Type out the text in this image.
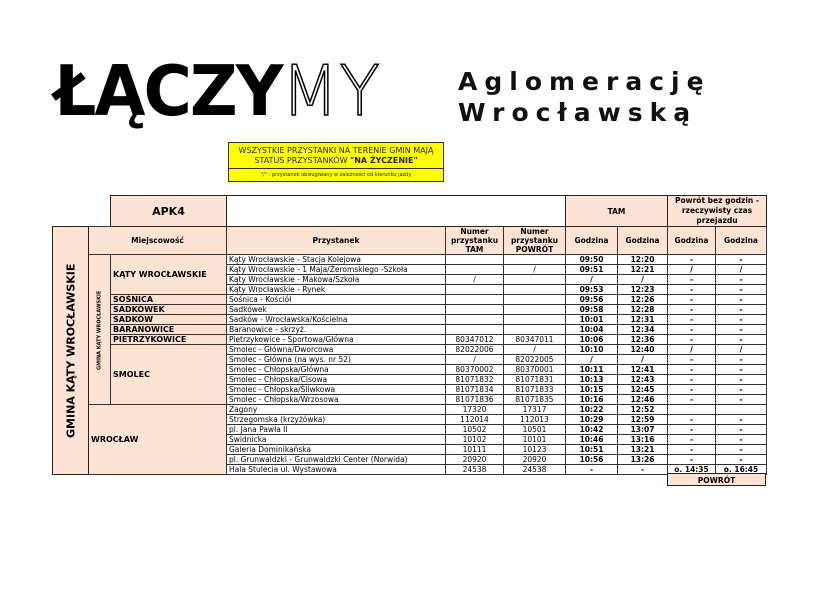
ŁĄCZYMY	Aglomerację
Wrocławską
WSZYSTKIE PRZYSTANKI NA TERENIE GMIN MAJĄ
STATUS PRZYSTANKÓW "NA ŻYCZENIE"
"/" - przystanek obsługiwany w zależności od kierunku jazdy
		APK4				TAM		Powrót bez godzin - rzeczywisty czas przejazdu	
GMINA KĄTY WROCŁAWSKIE	Miejscowość		Przystanek	Numer przystanku TAM	Numer przystanku POWRÓT	Godzina	Godzina	Godzina	Godzina
	GMINA KĄTY WROCŁAWSKIE	KĄTY WROCŁAWSKIE	Kąty Wrocławskie - Stacja Kolejowa			09:50	12:20	-	-
			Kąty Wrocławskie - 1 Maja/Żeromskiego -Szkoła		/	09:51	12:21	/	/
			Kąty Wrocławskie - Makowa/Szkoła	/		/	/	-	-
			Kąty Wrocławskie - Rynek			09:53	12:23	-	-
		SOŚNICA	Sośnica - Kościół			09:56	12:26	-	-
		SADKÓWEK	Sadkówek			09:58	12:28	-	-
		SADKÓW	Sadków - Wrocławska/Kościelna			10:01	12:31	-	-
		BARANOWICE	Baranowice - skrzyż.			10:04	12:34	-	-
		PIETRZYKOWICE	Pietrzykowice - Sportowa/Główna	80347012	80347011	10:06	12:36	-	-
		SMOLEC	Smolec - Główna/Dworcowa	82022006	/	10:10	12:40	/	/
			Smolec - Główna (na wys. nr 52)	/	82022005	/	/	-	-
			Smolec - Chłopska/Główna	80370002	80370001	10:11	12:41	-	-
			Smolec - Chłopska/Cisowa	81071832	81071831	10:13	12:43	-	-
			Smolec - Chłopska/Śliwkowa	81071834	81071833	10:15	12:45	-	-
			Smolec - Chłopska/Wrzosowa	81071836	81071835	10:16	12:46	-	-
	WROCŁAW		Zagony	17320	17317	10:22	12:52		
			Strzegomska (krzyżówka)	112014	112013	10:29	12:59	-	-
			pl. Jana Pawła II	10502	10501	10:42	13:07	-	-
			Świdnicka	10102	10101	10:46	13:16	-	-
			Galeria Dominikańska	10111	10123	10:51	13:21	-	-
			pl. Grunwaldzki - Grunwaldzki Center (Norwida)	20920	20920	10:56	13:26	-	-
			Hala Stulecia ul. Wystawowa	24538	24538	-	-	o. 14:35	o. 16:45
POWRÓT
